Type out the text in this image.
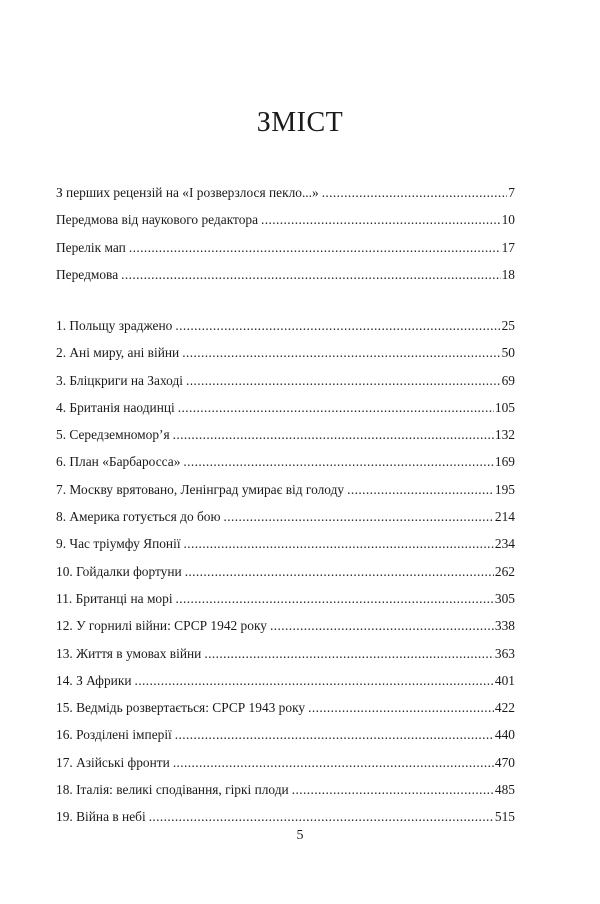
ЗМІСТ
З перших рецензій на «І розверзлося пекло...» .....	7
Передмова від наукового редактора .....	10
Перелік мап .....	17
Передмова .....	18
1. Польщу зраджено .....	25
2. Ані миру, ані війни .....	50
3. Бліцкриги на Заході .....	69
4. Британія наодинці .....	105
5. Середземномор’я .....	132
6. План «Барбаросса» .....	169
7. Москву врятовано, Ленінград умирає від голоду .....	195
8. Америка готується до бою .....	214
9. Час тріумфу Японії .....	234
10. Гойдалки фортуни .....	262
11. Британці на морі .....	305
12. У горнилі війни: СРСР 1942 року .....	338
13. Життя в умовах війни .....	363
14. З Африки .....	401
15. Ведмідь розвертається: СРСР 1943 року .....	422
16. Розділені імперії .....	440
17. Азійські фронти .....	470
18. Італія: великі сподівання, гіркі плоди .....	485
19. Війна в небі .....	515
5
